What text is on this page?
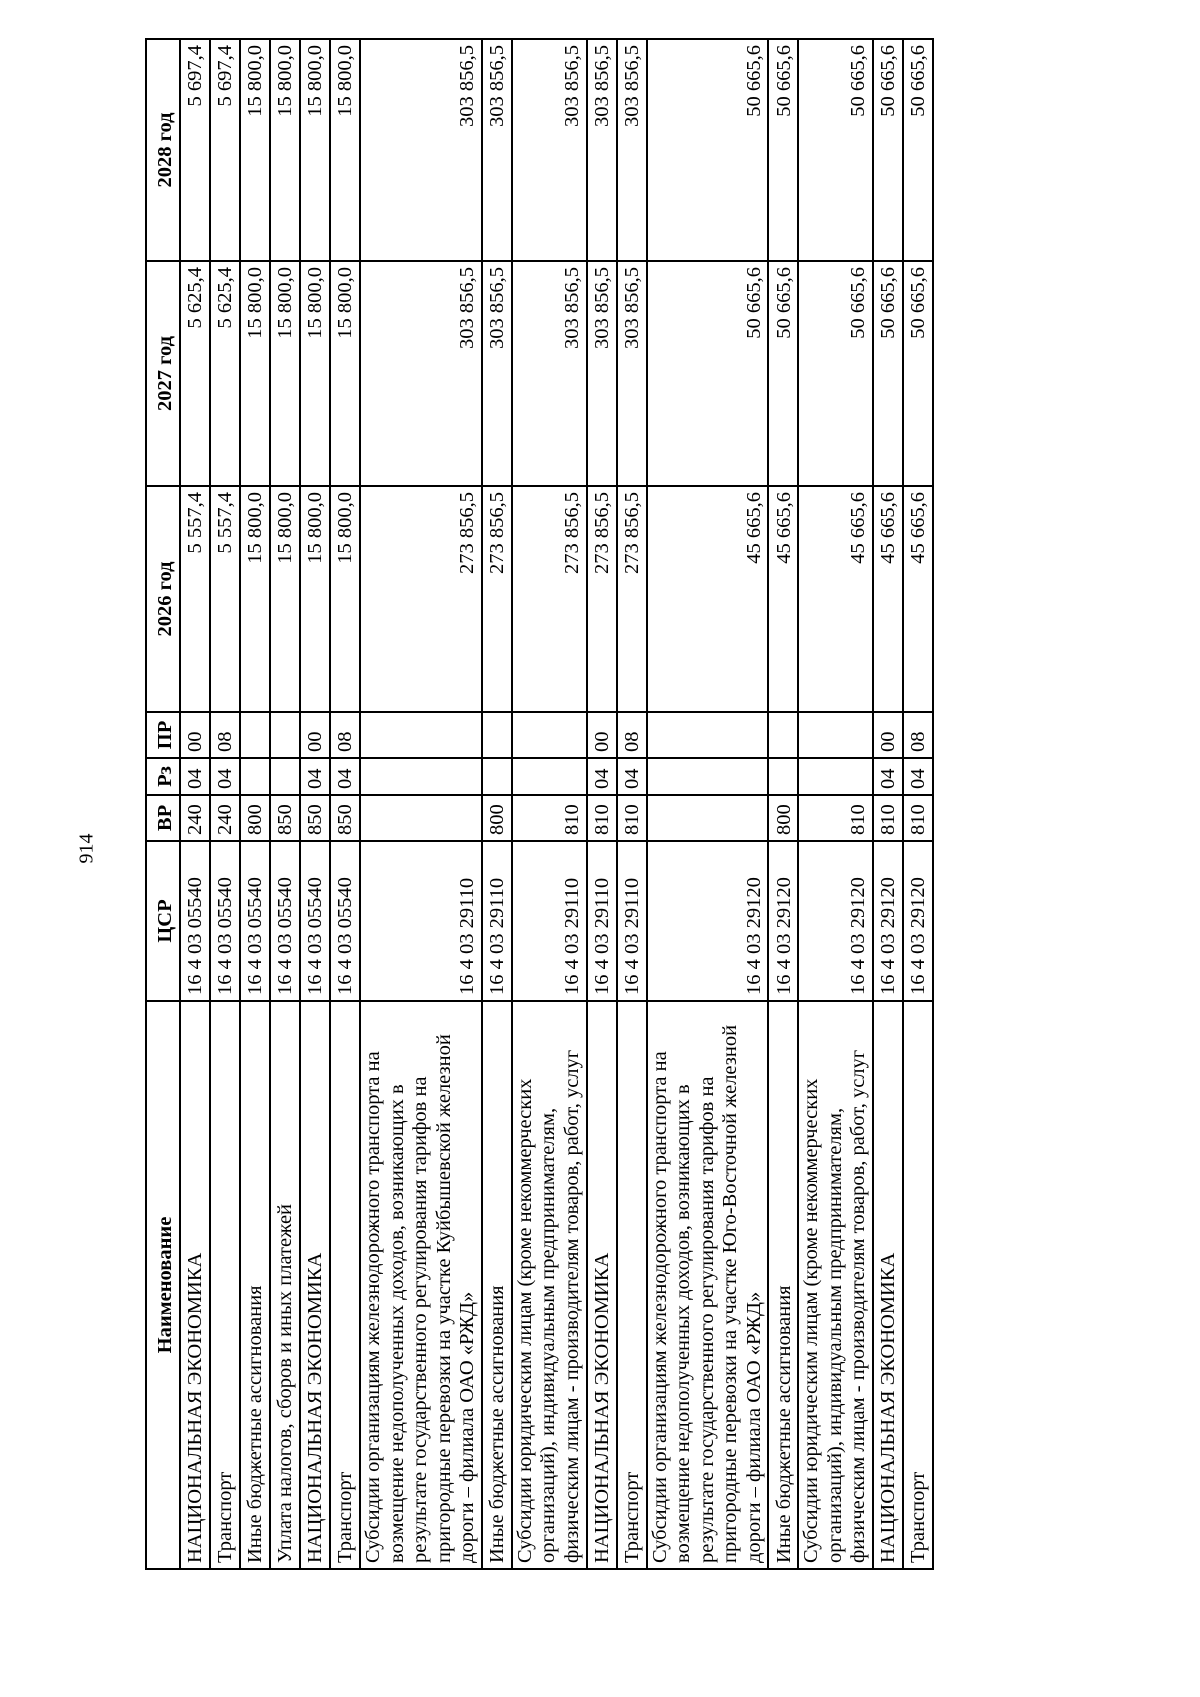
914
Наименование	ЦСР	ВР	Рз	ПР	2026 год	2027 год	2028 год
НАЦИОНАЛЬНАЯ ЭКОНОМИКА	16 4 03 05540	240	04	00	5 557,4	5 625,4	5 697,4
Транспорт	16 4 03 05540	240	04	08	5 557,4	5 625,4	5 697,4
Иные бюджетные ассигнования	16 4 03 05540	800			15 800,0	15 800,0	15 800,0
Уплата налогов, сборов и иных платежей	16 4 03 05540	850			15 800,0	15 800,0	15 800,0
НАЦИОНАЛЬНАЯ ЭКОНОМИКА	16 4 03 05540	850	04	00	15 800,0	15 800,0	15 800,0
Транспорт	16 4 03 05540	850	04	08	15 800,0	15 800,0	15 800,0
Субсидии организациям железнодорожного транспорта на возмещение недополученных доходов, возникающих в результате государственного регулирования тарифов на пригородные перевозки на участке Куйбышевской железной дороги – филиала ОАО «РЖД»	16 4 03 29110				273 856,5	303 856,5	303 856,5
Иные бюджетные ассигнования	16 4 03 29110	800			273 856,5	303 856,5	303 856,5
Субсидии юридическим лицам (кроме некоммерческих организаций), индивидуальным предпринимателям, физическим лицам - производителям товаров, работ, услуг	16 4 03 29110	810			273 856,5	303 856,5	303 856,5
НАЦИОНАЛЬНАЯ ЭКОНОМИКА	16 4 03 29110	810	04	00	273 856,5	303 856,5	303 856,5
Транспорт	16 4 03 29110	810	04	08	273 856,5	303 856,5	303 856,5
Субсидии организациям железнодорожного транспорта на возмещение недополученных доходов, возникающих в результате государственного регулирования тарифов на пригородные перевозки на участке Юго-Восточной железной дороги – филиала ОАО «РЖД»	16 4 03 29120				45 665,6	50 665,6	50 665,6
Иные бюджетные ассигнования	16 4 03 29120	800			45 665,6	50 665,6	50 665,6
Субсидии юридическим лицам (кроме некоммерческих организаций), индивидуальным предпринимателям, физическим лицам - производителям товаров, работ, услуг	16 4 03 29120	810			45 665,6	50 665,6	50 665,6
НАЦИОНАЛЬНАЯ ЭКОНОМИКА	16 4 03 29120	810	04	00	45 665,6	50 665,6	50 665,6
Транспорт	16 4 03 29120	810	04	08	45 665,6	50 665,6	50 665,6
